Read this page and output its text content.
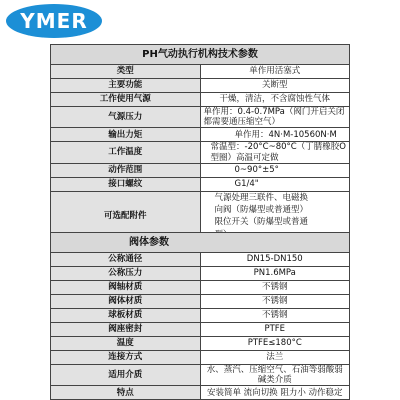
YMER
PH气动执行机构技术参数	
类型	单作用活塞式
主要功能	关断型
工作使用气源	干燥，清洁，不含腐蚀性气体
气源压力	单作用：0.4-0.7MPa（阀门开启关闭都需要通压缩空气）
输出力矩	单作用：4N·M-10560N·M
工作温度	常温型：-20°C~80°C（丁腈橡胶O型圈）高温可定做
动作范围	0~90°±5°
接口螺纹	G1/4"
可选配附件	气源处理三联件、电磁换向阀（防爆型或普通型）限位开关（防爆型或普通

阀体参数	
公称通径	DN15-DN150
公称压力	PN1.6MPa
阀轴材质	不锈钢
阀体材质	不锈钢
球板材质	不锈钢
阀座密封	PTFE
温度	PTFE≤180°C
连接方式	法兰
适用介质	水、蒸汽、压缩空气、石油等弱酸弱碱类介质
特点	安装简单 流向切换 阻力小 动作稳定
